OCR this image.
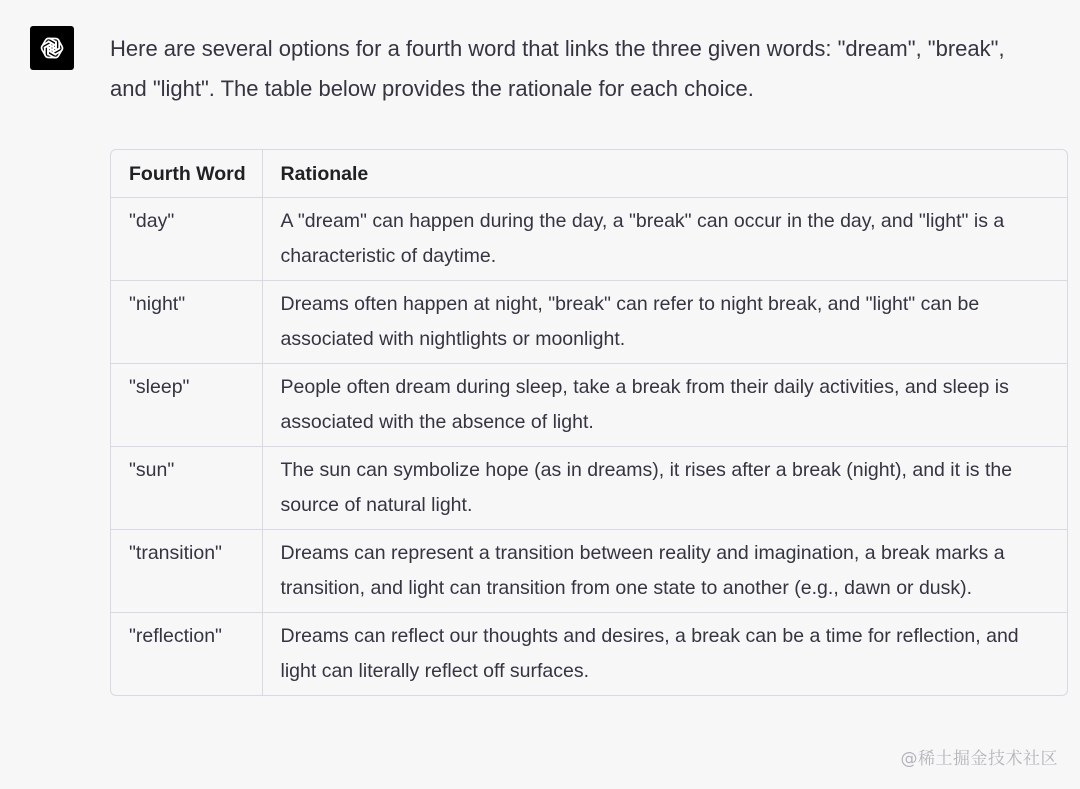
Here are several options for a fourth word that links the three given words: "dream", "break", and "light". The table below provides the rationale for each choice.
Fourth Word	Rationale
"day"	A "dream" can happen during the day, a "break" can occur in the day, and "light" is a characteristic of daytime.
"night"	Dreams often happen at night, "break" can refer to night break, and "light" can be associated with nightlights or moonlight.
"sleep"	People often dream during sleep, take a break from their daily activities, and sleep is associated with the absence of light.
"sun"	The sun can symbolize hope (as in dreams), it rises after a break (night), and it is the source of natural light.
"transition"	Dreams can represent a transition between reality and imagination, a break marks a transition, and light can transition from one state to another (e.g., dawn or dusk).
"reflection"	Dreams can reflect our thoughts and desires, a break can be a time for reflection, and light can literally reflect off surfaces.
@稀土掘金技术社区
